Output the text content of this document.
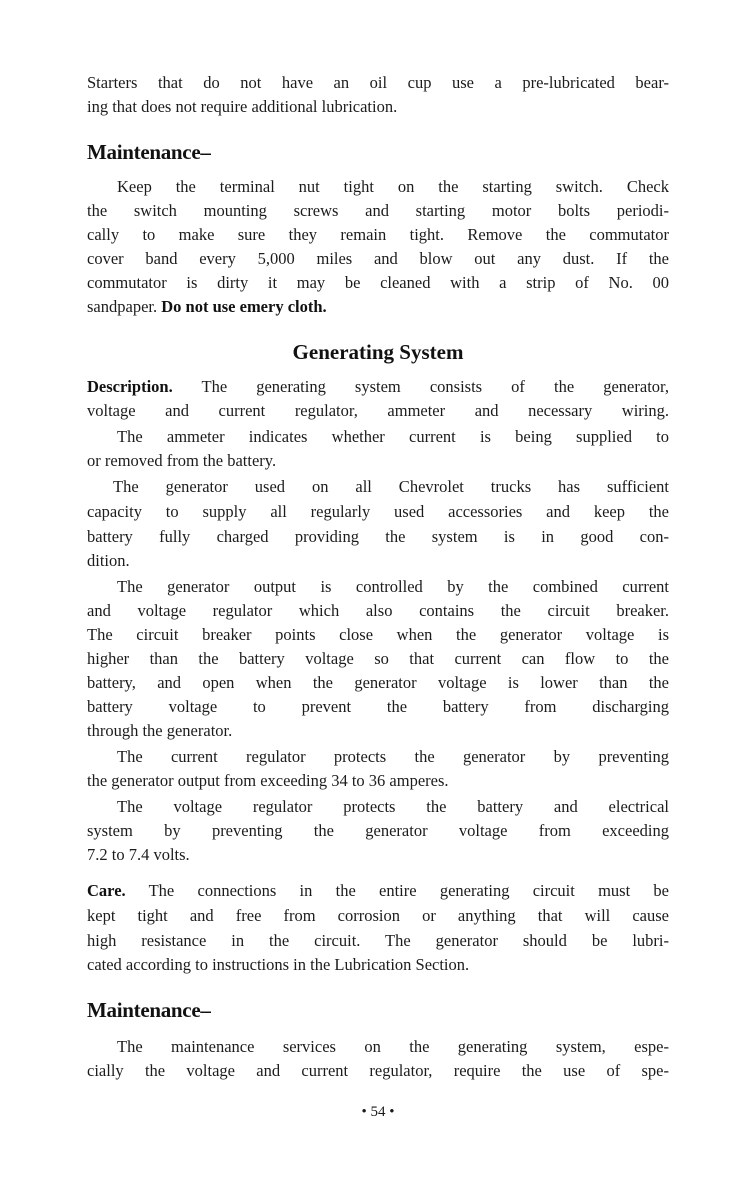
Starters that do not have an oil cup use a pre-lubricated bear-
ing that does not require additional lubrication.
Maintenance–
Keep the terminal nut tight on the starting switch. Check
the switch mounting screws and starting motor bolts periodi-
cally to make sure they remain tight. Remove the commutator
cover band every 5,000 miles and blow out any dust. If the
commutator is dirty it may be cleaned with a strip of No. 00
sandpaper. Do not use emery cloth.
Generating System
Description. The generating system consists of the generator,
voltage and current regulator, ammeter and necessary wiring.
The ammeter indicates whether current is being supplied to
or removed from the battery.
The generator used on all Chevrolet trucks has sufficient
capacity to supply all regularly used accessories and keep the
battery fully charged providing the system is in good con-
dition.
The generator output is controlled by the combined current
and voltage regulator which also contains the circuit breaker.
The circuit breaker points close when the generator voltage is
higher than the battery voltage so that current can flow to the
battery, and open when the generator voltage is lower than the
battery voltage to prevent the battery from discharging
through the generator.
The current regulator protects the generator by preventing
the generator output from exceeding 34 to 36 amperes.
The voltage regulator protects the battery and electrical
system by preventing the generator voltage from exceeding
7.2 to 7.4 volts.
Care. The connections in the entire generating circuit must be
kept tight and free from corrosion or anything that will cause
high resistance in the circuit. The generator should be lubri-
cated according to instructions in the Lubrication Section.
Maintenance–
The maintenance services on the generating system, espe-
cially the voltage and current regulator, require the use of spe-
• 54 •
